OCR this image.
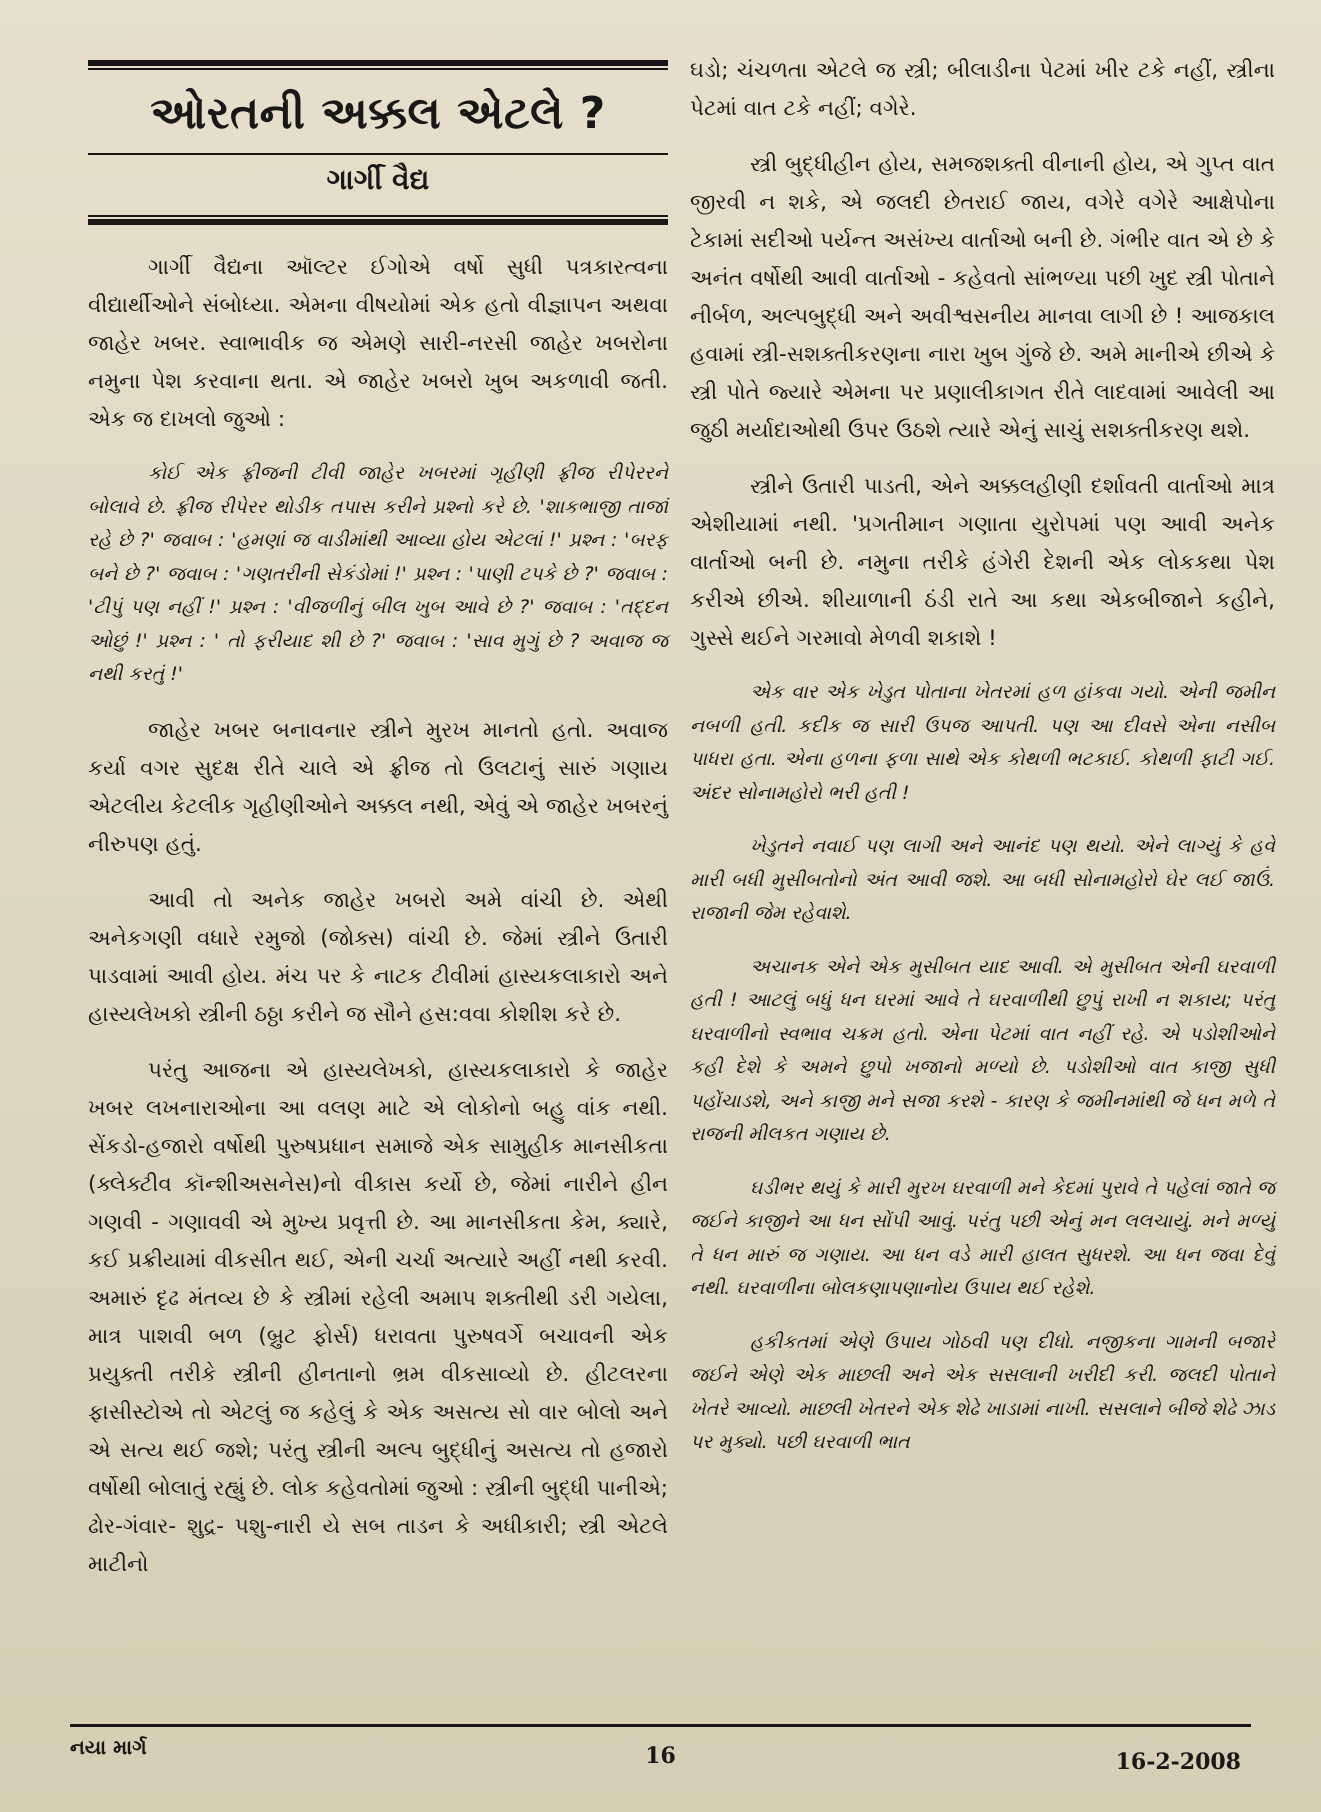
ઓરતની અક્કલ એટલે ?
ગાર્ગી વૈદ્ય

ગાર્ગી વૈદ્યના ઑલ્ટર ઈગોએ વર્ષો સુધી પત્રકારત્વના વીદ્યાર્થીઓને સંબોધ્યા. એમના વીષયોમાં એક હતો વીજ્ઞાપન અથવા જાહેર ખબર. સ્વાભાવીક જ એમણે સારી-નરસી જાહેર ખબરોના નમુના પેશ કરવાના થતા. એ જાહેર ખબરો ખુબ અકળાવી જતી. એક જ દાખલો જુઓ :

કોઈ એક ફ્રીજની ટીવી જાહેર ખબરમાં ગૃહીણી ફ્રીજ રીપેરરને બોલાવે છે. ફ્રીજ રીપેરર થોડીક તપાસ કરીને પ્રશ્નો કરે છે. 'શાકભાજી તાજાં રહે છે ?' જવાબ : 'હમણાં જ વાડીમાંથી આવ્યા હોય એટલાં !' પ્રશ્ન : 'બરફ બને છે ?' જવાબ : 'ગણતરીની સેકંડોમાં !' પ્રશ્ન : 'પાણી ટપકે છે ?' જવાબ : 'ટીપું પણ નહીં !' પ્રશ્ન : 'વીજળીનું બીલ ખુબ આવે છે ?' જવાબ : 'તદ્દન ઓછું !' પ્રશ્ન : ' તો ફરીયાદ શી છે ?' જવાબ : 'સાવ મુગું છે ? અવાજ જ નથી કરતું !'

જાહેર ખબર બનાવનાર સ્ત્રીને મુરખ માનતો હતો. અવાજ કર્યા વગર સુદક્ષ રીતે ચાલે એ ફ્રીજ તો ઉલટાનું સારું ગણાય એટલીય કેટલીક ગૃહીણીઓને અક્કલ નથી, એવું એ જાહેર ખબરનું નીરુપણ હતું.

આવી તો અનેક જાહેર ખબરો અમે વાંચી છે. એથી અનેકગણી વધારે રમુજો (જોક્સ) વાંચી છે. જેમાં સ્ત્રીને ઉતારી પાડવામાં આવી હોય. મંચ પર કે નાટક ટીવીમાં હાસ્યકલાકારો અને હાસ્યલેખકો સ્ત્રીની ઠઠ્ઠા કરીને જ સૌને હસ:વવા કોશીશ કરે છે.

પરંતુ આજના એ હાસ્યલેખકો, હાસ્યકલાકારો કે જાહેર ખબર લખનારાઓના આ વલણ માટે એ લોકોનો બહુ વાંક નથી. સેંકડો-હજારો વર્ષોથી પુરુષપ્રધાન સમાજે એક સામુહીક માનસીકતા (ક્લેક્ટીવ કૉન્શીઅસનેસ)નો વીકાસ કર્યો છે, જેમાં નારીને હીન ગણવી - ગણાવવી એ મુખ્ય પ્રવૃત્તી છે. આ માનસીકતા કેમ, ક્યારે, કઈ પ્રક્રીયામાં વીકસીત થઈ, એની ચર્ચા અત્યારે અહીં નથી કરવી. અમારું દૃઢ મંતવ્ય છે કે સ્ત્રીમાં રહેલી અમાપ શક્તીથી ડરી ગયેલા, માત્ર પાશવી બળ (બ્રુટ ફોર્સ) ધરાવતા પુરુષવર્ગે બચાવની એક પ્રયુક્તી તરીકે સ્ત્રીની હીનતાનો ભ્રમ વીકસાવ્યો છે. હીટલરના ફાસીસ્ટોએ તો એટલું જ કહેલું કે એક અસત્ય સો વાર બોલો અને એ સત્ય થઈ જશે; પરંતુ સ્ત્રીની અલ્પ બુદ્ધીનું અસત્ય તો હજારો વર્ષોથી બોલાતું રહ્યું છે. લોક કહેવતોમાં જુઓ : સ્ત્રીની બુદ્ધી પાનીએ; ઢોર-ગંવાર- શુદ્ર- પશુ-નારી યે સબ તાડન કે અધીકારી; સ્ત્રી એટલે માટીનો

ઘડો; ચંચળતા એટલે જ સ્ત્રી; બીલાડીના પેટમાં ખીર ટકે નહીં, સ્ત્રીના પેટમાં વાત ટકે નહીં; વગેરે.

સ્ત્રી બુદ્ધીહીન હોય, સમજશક્તી વીનાની હોય, એ ગુપ્ત વાત જીરવી ન શકે, એ જલદી છેતરાઈ જાય, વગેરે વગેરે આક્ષેપોના ટેકામાં સદીઓ પર્યન્ત અસંખ્ય વાર્તાઓ બની છે. ગંભીર વાત એ છે કે અનંત વર્ષોથી આવી વાર્તાઓ - કહેવતો સાંભળ્યા પછી ખુદ સ્ત્રી પોતાને નીર્બળ, અલ્પબુદ્ધી અને અવીશ્વસનીય માનવા લાગી છે ! આજકાલ હવામાં સ્ત્રી-સશક્તીકરણના નારા ખુબ ગુંજે છે. અમે માનીએ છીએ કે સ્ત્રી પોતે જ્યારે એમના પર પ્રણાલીકાગત રીતે લાદવામાં આવેલી આ જુઠી મર્યાદાઓથી ઉપર ઉઠશે ત્યારે એનું સાચું સશક્તીકરણ થશે.

સ્ત્રીને ઉતારી પાડતી, એને અક્કલહીણી દર્શાવતી વાર્તાઓ માત્ર એશીયામાં નથી. 'પ્રગતીમાન ગણાતા યુરોપમાં પણ આવી અનેક વાર્તાઓ બની છે. નમુના તરીકે હંગેરી દેશની એક લોકકથા પેશ કરીએ છીએ. શીયાળાની ઠંડી રાતે આ કથા એકબીજાને કહીને, ગુસ્સે થઈને ગરમાવો મેળવી શકાશે !

એક વાર એક ખેડુત પોતાના ખેતરમાં હળ હાંકવા ગયો. એની જમીન નબળી હતી. કદીક જ સારી ઉપજ આપતી. પણ આ દીવસે એના નસીબ પાધરા હતા. એના હળના ફળા સાથે એક કોથળી ભટકાઈ. કોથળી ફાટી ગઈ. અંદર સોનામહોરો ભરી હતી !

ખેડુતને નવાઈ પણ લાગી અને આનંદ પણ થયો. એને લાગ્યું કે હવે મારી બધી મુસીબતોનો અંત આવી જશે. આ બધી સોનામહોરો ઘેર લઈ જાઉં. રાજાની જેમ રહેવાશે.

અચાનક એને એક મુસીબત યાદ આવી. એ મુસીબત એની ઘરવાળી હતી ! આટલું બધું ધન ઘરમાં આવે તે ઘરવાળીથી છુપું રાખી ન શકાય; પરંતુ ઘરવાળીનો સ્વભાવ ચક્રમ હતો. એના પેટમાં વાત નહીં રહે. એ પડોશીઓને કહી દેશે કે અમને છુપો ખજાનો મળ્યો છે. પડોશીઓ વાત કાજી સુધી પહોંચાડશે, અને કાજી મને સજા કરશે - કારણ કે જમીનમાંથી જે ધન મળે તે રાજની મીલકત ગણાય છે.

ઘડીભર થયું કે મારી મુરખ ઘરવાળી મને કેદમાં પુરાવે તે પહેલાં જાતે જ જઈને કાજીને આ ધન સોંપી આવું. પરંતુ પછી એનું મન લલચાયું. મને મળ્યું તે ધન મારું જ ગણાય. આ ધન વડે મારી હાલત સુધરશે. આ ધન જવા દેવું નથી. ઘરવાળીના બોલકણાપણાનોય ઉપાય થઈ રહેશે.

હકીકતમાં એણે ઉપાય ગોઠવી પણ દીધો. નજીકના ગામની બજારે જઈને એણે એક માછલી અને એક સસલાની ખરીદી કરી. જલદી પોતાને ખેતરે આવ્યો. માછલી ખેતરને એક શેઢે ખાડામાં નાખી. સસલાને બીજે શેઢે ઝાડ પર મુક્યો. પછી ઘરવાળી ભાત

નયા માર્ગ	16	16-2-2008
